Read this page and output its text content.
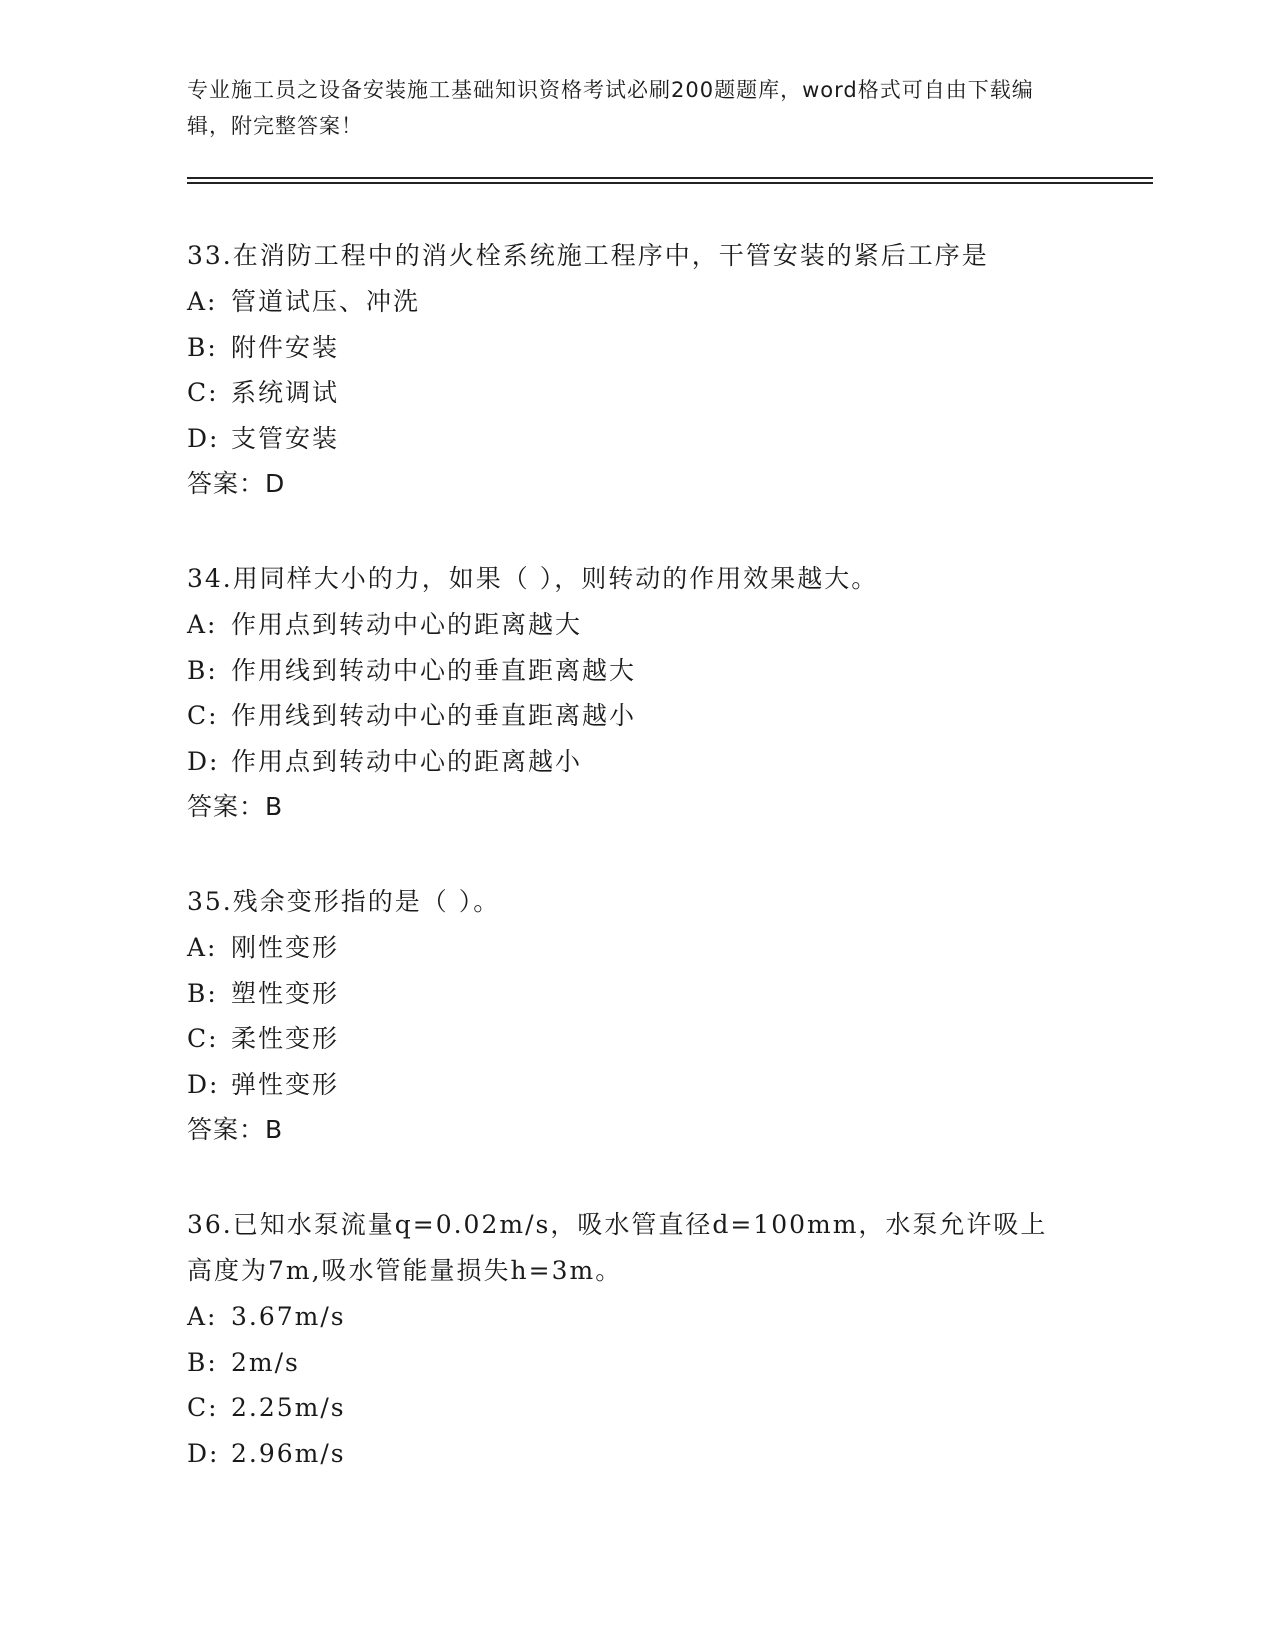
专业施工员之设备安装施工基础知识资格考试必刷200题题库，word格式可自由下载编辑，附完整答案！
33.在消防工程中的消火栓系统施工程序中，干管安装的紧后工序是
A: 管道试压、冲洗
B: 附件安装
C: 系统调试
D: 支管安装
答案：D
34.用同样大小的力，如果（ ），则转动的作用效果越大。
A: 作用点到转动中心的距离越大
B: 作用线到转动中心的垂直距离越大
C: 作用线到转动中心的垂直距离越小
D: 作用点到转动中心的距离越小
答案：B
35.残余变形指的是（ ）。
A: 刚性变形
B: 塑性变形
C: 柔性变形
D: 弹性变形
答案：B
36.已知水泵流量q=0.02m/s，吸水管直径d=100mm，水泵允许吸上高度为7m,吸水管能量损失h=3m。
A: 3.67m/s
B: 2m/s
C: 2.25m/s
D: 2.96m/s
